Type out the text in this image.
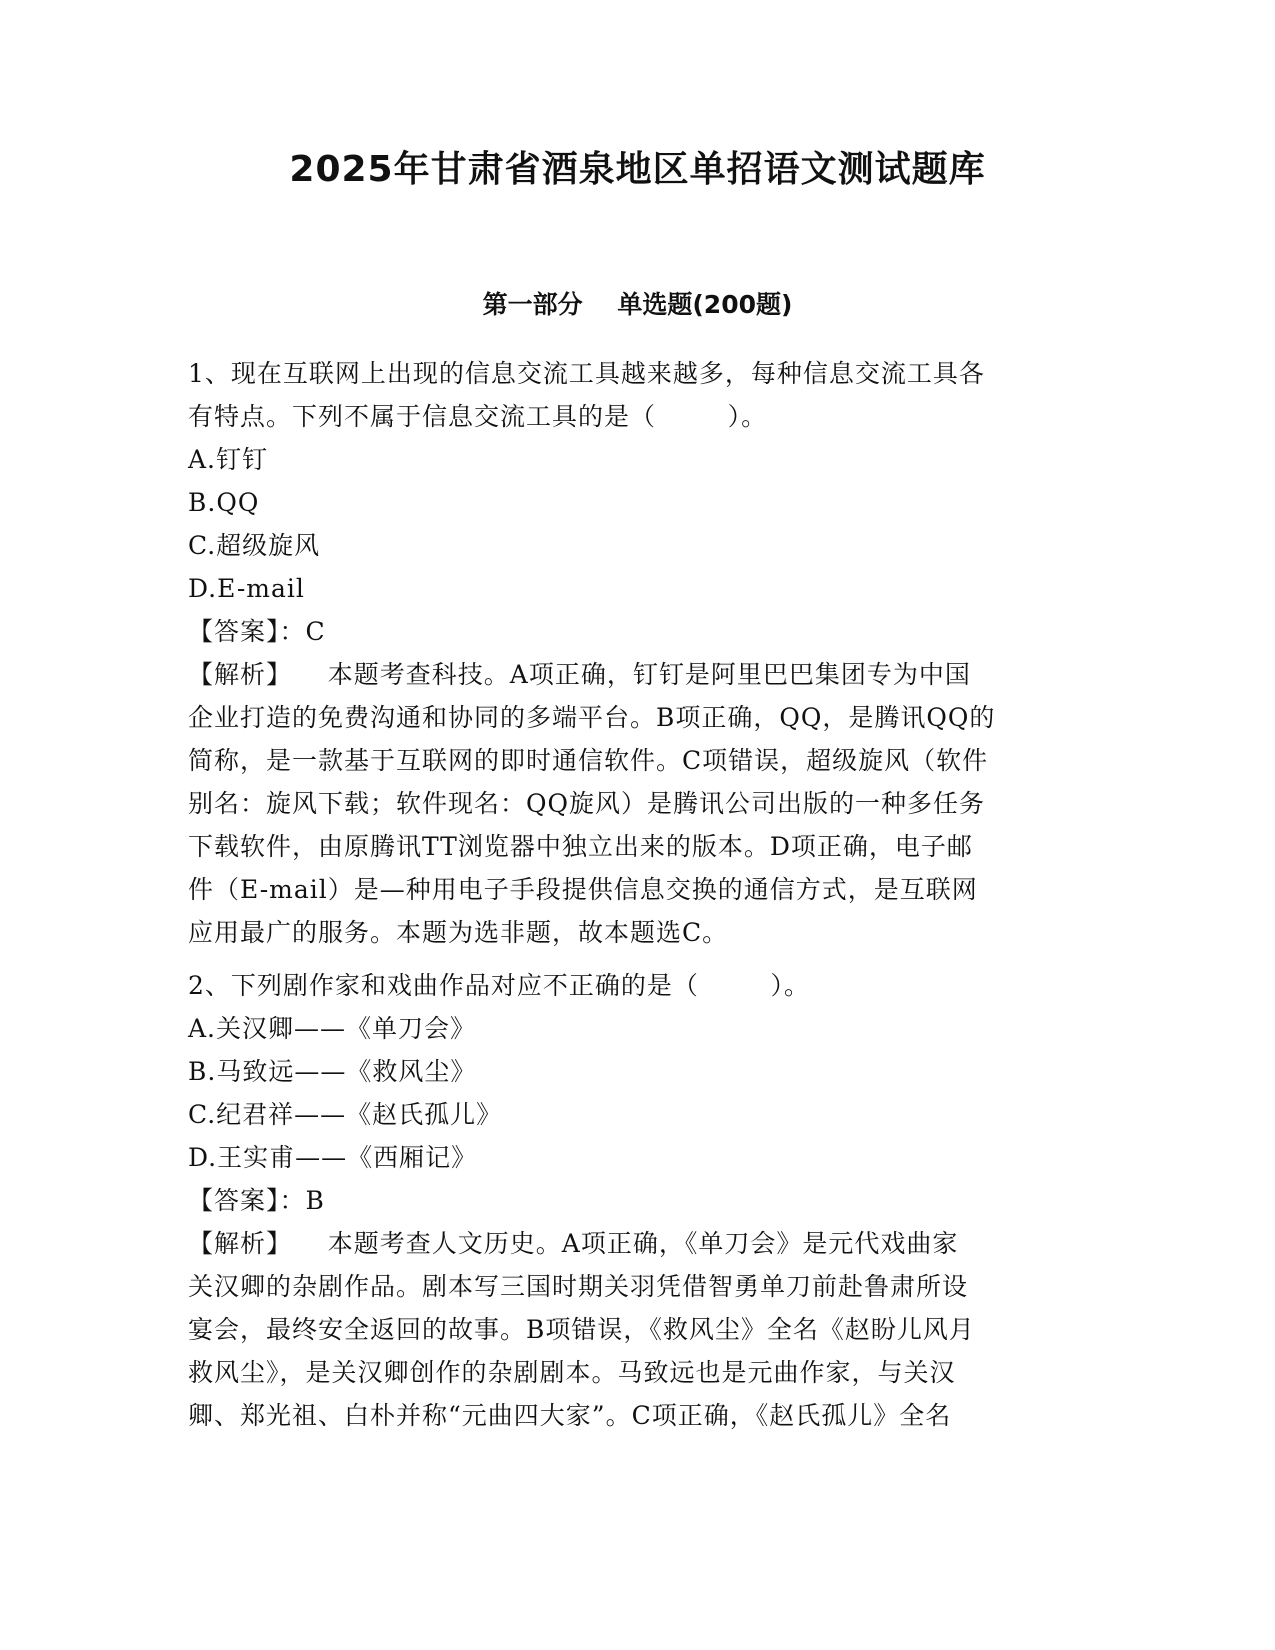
2025年甘肃省酒泉地区单招语文测试题库
第一部分    单选题(200题)
1、现在互联网上出现的信息交流工具越来越多，每种信息交流工具各
有特点。下列不属于信息交流工具的是（        ）。
A.钉钉
B.QQ
C.超级旋风
D.E-mail
【答案】：C
【解析】    本题考查科技。A项正确，钉钉是阿里巴巴集团专为中国
企业打造的免费沟通和协同的多端平台。B项正确，QQ，是腾讯QQ的
简称，是一款基于互联网的即时通信软件。C项错误，超级旋风（软件
别名：旋风下载；软件现名：QQ旋风）是腾讯公司出版的一种多任务
下载软件，由原腾讯TT浏览器中独立出来的版本。D项正确，电子邮
件（E-mail）是—种用电子手段提供信息交换的通信方式，是互联网
应用最广的服务。本题为选非题，故本题选C。
2、下列剧作家和戏曲作品对应不正确的是（        ）。
A.关汉卿——《单刀会》
B.马致远——《救风尘》
C.纪君祥——《赵氏孤儿》
D.王实甫——《西厢记》
【答案】：B
【解析】    本题考查人文历史。A项正确，《单刀会》是元代戏曲家
关汉卿的杂剧作品。剧本写三国时期关羽凭借智勇单刀前赴鲁肃所设
宴会，最终安全返回的故事。B项错误，《救风尘》全名《赵盼儿风月
救风尘》，是关汉卿创作的杂剧剧本。马致远也是元曲作家，与关汉
卿、郑光祖、白朴并称“元曲四大家”。C项正确，《赵氏孤儿》全名
